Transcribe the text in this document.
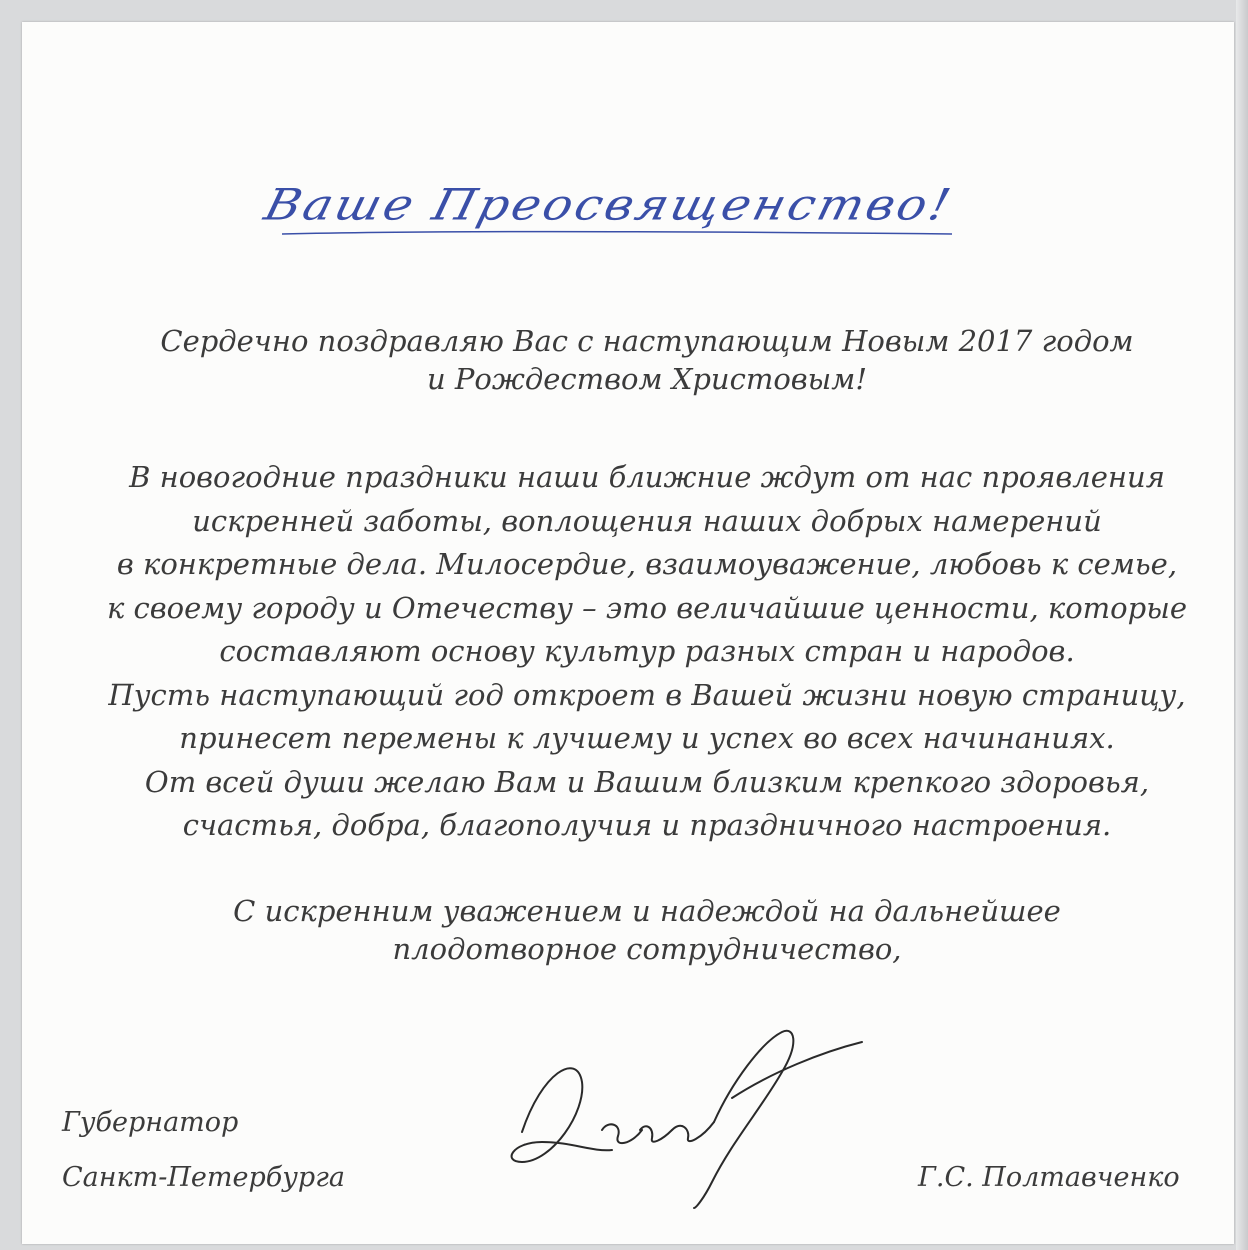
Ваше Преосвященство!
Сердечно поздравляю Вас с наступающим Новым 2017 годом
и Рождеством Христовым!
В новогодние праздники наши ближние ждут от нас проявления
искренней заботы, воплощения наших добрых намерений
в конкретные дела. Милосердие, взаимоуважение, любовь к семье,
к своему городу и Отечеству – это величайшие ценности, которые
составляют основу культур разных стран и народов.
Пусть наступающий год откроет в Вашей жизни новую страницу,
принесет перемены к лучшему и успех во всех начинаниях.
От всей души желаю Вам и Вашим близким крепкого здоровья,
счастья, добра, благополучия и праздничного настроения.
С искренним уважением и надеждой на дальнейшее
плодотворное сотрудничество,
Губернатор
Санкт-Петербурга	Г.С. Полтавченко
